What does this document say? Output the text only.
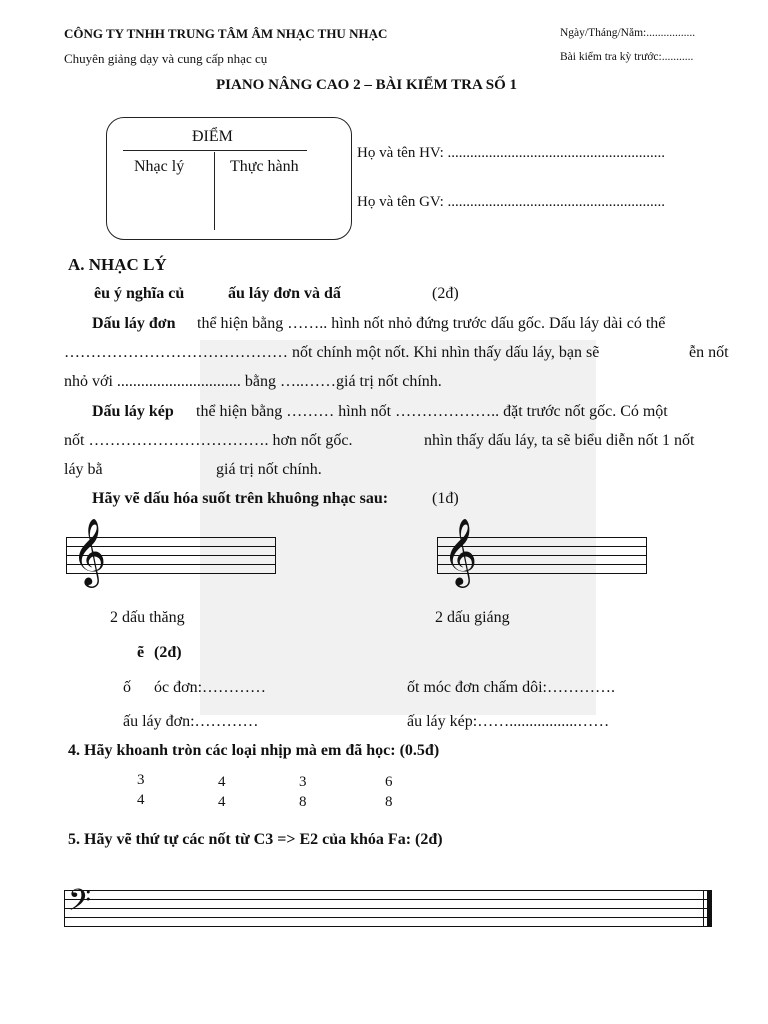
CÔNG TY TNHH TRUNG TÂM ÂM NHẠC THU NHẠC
Chuyên giảng dạy và cung cấp nhạc cụ
Ngày/Tháng/Năm:.................
Bài kiểm tra kỳ trước:...........
PIANO NÂNG CAO 2 – BÀI KIỂM TRA SỐ 1
ĐIỂM
Nhạc lý	Thực hành
Họ và tên HV: ..........................................................
Họ và tên GV: ..........................................................
A. NHẠC LÝ
êu ý nghĩa củ	ấu láy đơn và dấ	(2đ)
Dấu láy đơn thể hiện bằng …….. hình nốt nhỏ đứng trước dấu gốc. Dấu láy dài có thể
…………………………………… nốt chính một nốt. Khi nhìn thấy dấu láy, bạn sẽ	ễn nốt
nhỏ với ............................... bằng …..……giá trị nốt chính.
Dấu láy kép thể hiện bằng ……… hình nốt ……………….. đặt trước nốt gốc. Có một
nốt ……………………………. hơn nốt gốc.	nhìn thấy dấu láy, ta sẽ biểu diễn nốt 1 nốt
láy bằ	giá trị nốt chính.
Hãy vẽ dấu hóa suốt trên khuông nhạc sau:	(1đ)
𝄞	𝄞
2 dấu thăng	2 dấu giáng
ẽ (2đ)
ố óc đơn:…………	ốt móc đơn chấm dôi:………….
ấu láy đơn:…………	ấu láy kép:…….................……
4. Hãy khoanh tròn các loại nhịp mà em đã học: (0.5đ)
3
4
4
4
3
8
6
8
5. Hãy vẽ thứ tự các nốt từ C3 => E2 của khóa Fa: (2đ)
𝄢
